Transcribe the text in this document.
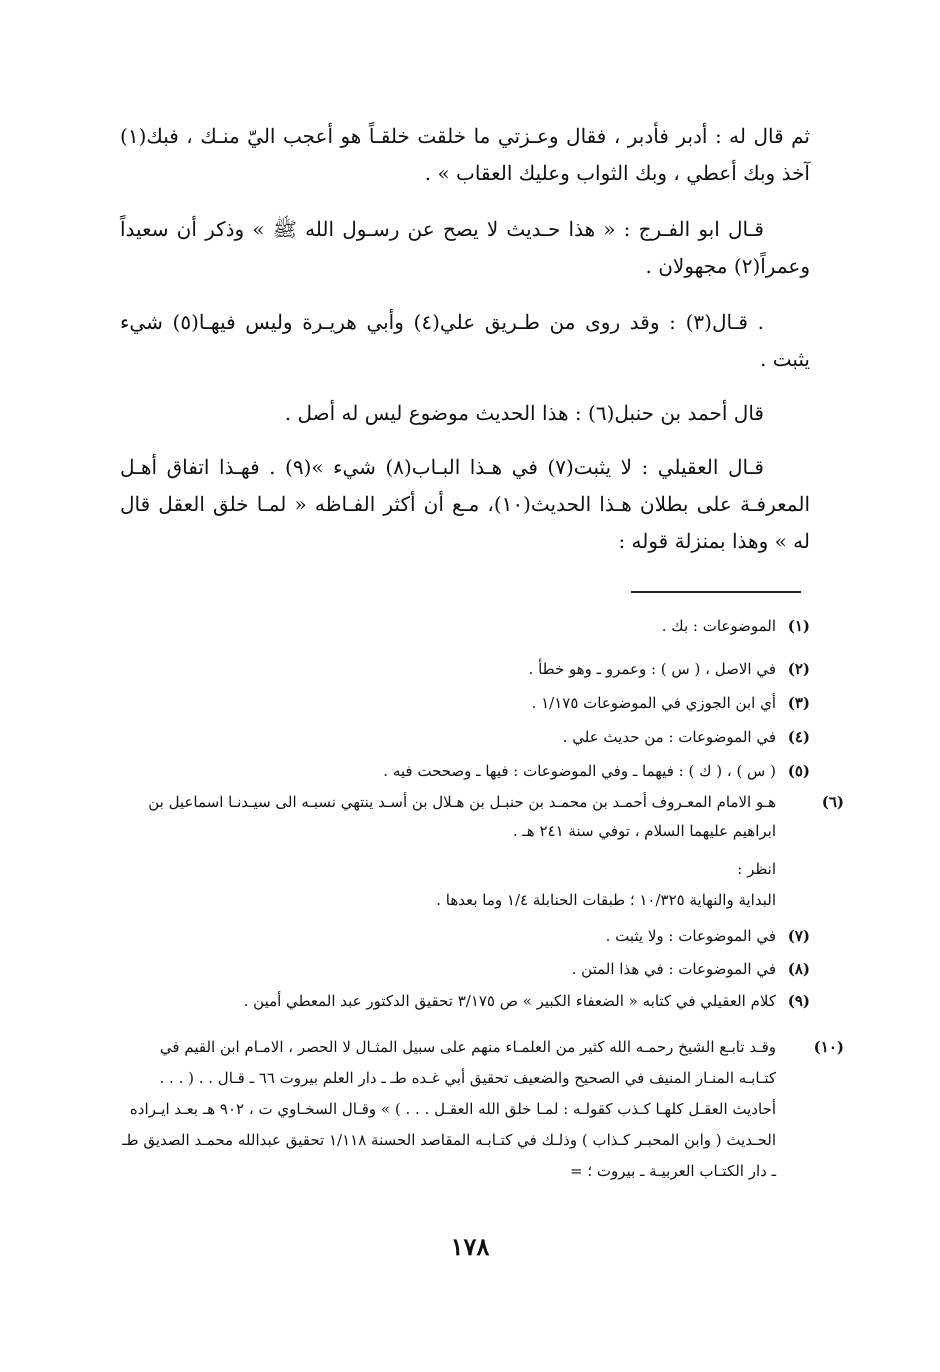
ثم قال له : أدبر فأدبر ، فقال وعـزتي ما خلقت خلقـاً هو أعجب اليّ منـك ، فبك(١) آخذ وبك أعطي ، وبك الثواب وعليك العقاب » .

قـال ابو الفـرج : « هذا حـديث لا يصح عن رسـول الله ﷺ » وذكر أن سعيداً وعمراً(٢) مجهولان .

. قـال(٣) : وقد روى من طـريق علي(٤) وأبي هريـرة وليس فيهـا(٥) شيء يثبت .

قال أحمد بن حنبل(٦) : هذا الحديث موضوع ليس له أصل .

قـال العقيلي : لا يثبت(٧) في هـذا البـاب(٨) شيء »(٩) . فهـذا اتفاق أهـل المعرفـة على بطلان هـذا الحديث(١٠)، مـع أن أكثر الفـاظه « لمـا خلق العقل قال له » وهذا بمنزلة قوله :

(١)الموضوعات : بك .

(٢)في الاصل ، ( س ) : وعمرو ـ وهو خطأ .

(٣)أي ابن الجوزي في الموضوعات ١/١٧٥ .

(٤)في الموضوعات : من حديث علي .

(٥)( س ) ، ( ك ) : فيهما ـ وفي الموضوعات : فيها ـ وصححت فيه .

(٦)هـو الامام المعـروف أحمـد بن محمـد بن حنبـل بن هـلال بن أسـد ينتهي نسبـه الى سيـدنـا اسماعيل بن ابراهيم عليهما السلام ، توفي سنة ٢٤١ هـ .

انظر :

البداية والنهاية ١٠/٣٢٥ ؛ طبقات الحنابلة ١/٤ وما بعدها .

(٧)في الموضوعات : ولا يثبت .

(٨)في الموضوعات : في هذا المتن .

(٩)كلام العقيلي في كتابه « الضعفاء الكبير » ص ٣/١٧٥ تحقيق الدكتور عبد المعطي أمين .

(١٠)وقـد تابـع الشيخ رحمـه الله كثير من العلمـاء منهم على سبيل المثـال لا الحصر ، الامـام ابن القيم في كتـابـه المنـار المنيف في الصحيح والضعيف تحقيق أبي غـده طـ ـ دار العلم بيروت ٦٦ ـ قـال . . ( . . . أحاديث العقـل كلهـا كـذب كقولـه : لمـا خلق الله العقـل . . . ) » وقـال السخـاوي ت ، ٩٠٢ هـ بعـد ايـراده الحـديث ( وابن المحبـر كـذاب ) وذلـك في كتـابـه المقاصد الحسنة ١/١١٨ تحقيق عبدالله محمـد الصديق طـ ـ دار الكتـاب العربيـة ـ بيروت ؛ =

١٧٨
